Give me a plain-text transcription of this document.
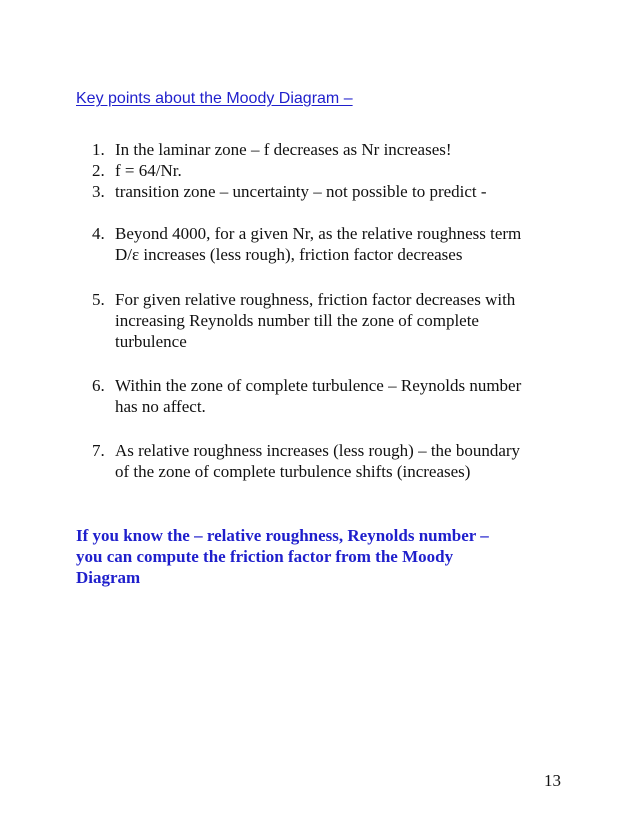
Key points about the Moody Diagram –
1. In the laminar zone – f decreases as Nr increases!
2. f = 64/Nr.
3. transition zone – uncertainty – not possible to predict -
4. Beyond 4000, for a given Nr, as the relative roughness term
D/ε increases (less rough), friction factor decreases
5. For given relative roughness, friction factor decreases with
increasing Reynolds number till the zone of complete
turbulence
6. Within the zone of complete turbulence – Reynolds number
has no affect.
7. As relative roughness increases (less rough) – the boundary
of the zone of complete turbulence shifts (increases)
If you know the – relative roughness, Reynolds number –
you can compute the friction factor from the Moody
Diagram
13
